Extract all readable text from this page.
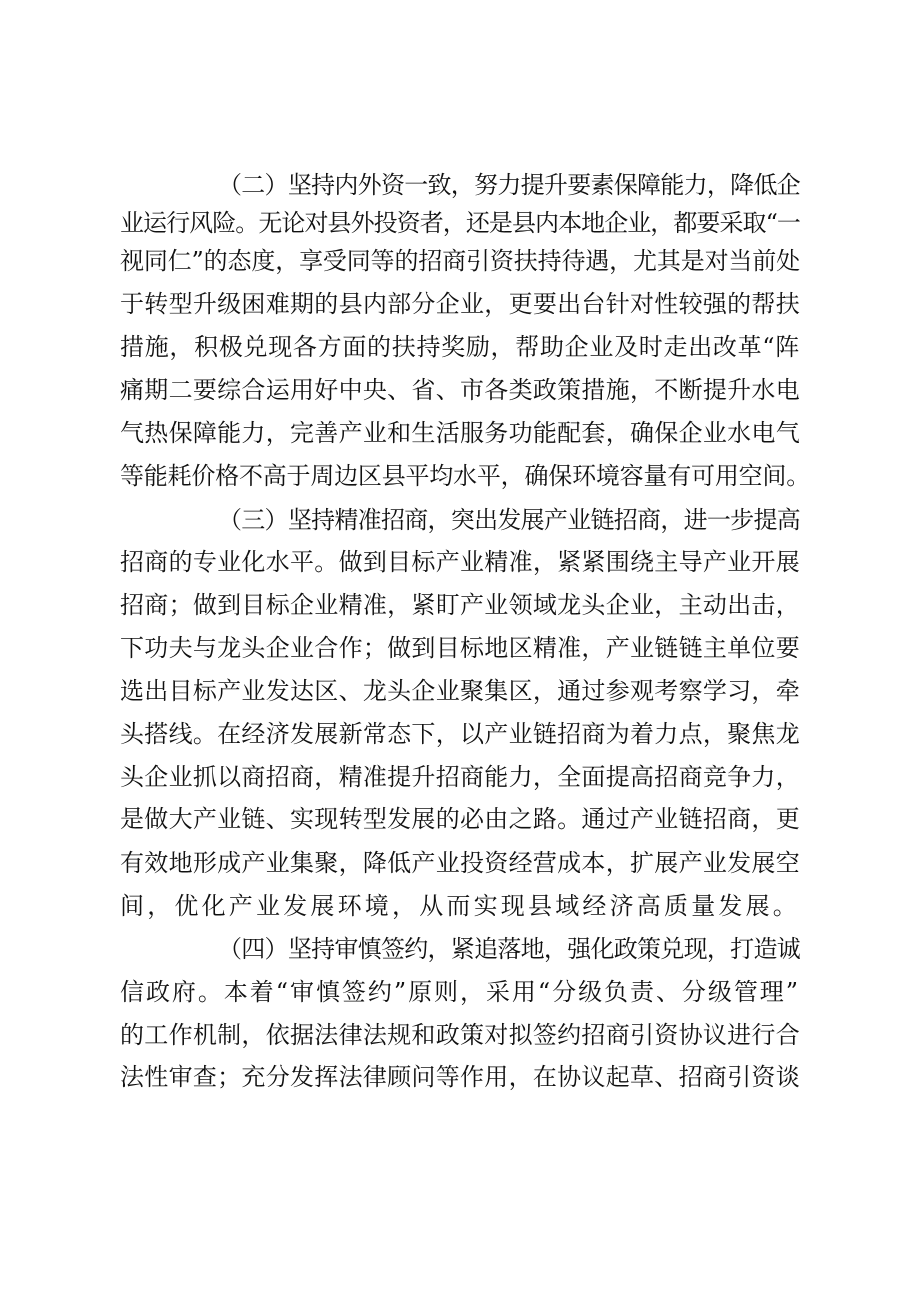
（二）坚持内外资一致，努力提升要素保障能力，降低企

业运行风险。无论对县外投资者，还是县内本地企业，都要采取“一

视同仁”的态度，享受同等的招商引资扶持待遇，尤其是对当前处

于转型升级困难期的县内部分企业，更要出台针对性较强的帮扶

措施，积极兑现各方面的扶持奖励，帮助企业及时走出改革“阵

痛期二要综合运用好中央、省、市各类政策措施，不断提升水电

气热保障能力，完善产业和生活服务功能配套，确保企业水电气

等能耗价格不高于周边区县平均水平，确保环境容量有可用空间。

（三）坚持精准招商，突出发展产业链招商，进一步提高

招商的专业化水平。做到目标产业精准，紧紧围绕主导产业开展

招商；做到目标企业精准，紧盯产业领域龙头企业，主动出击，

下功夫与龙头企业合作；做到目标地区精准，产业链链主单位要

选出目标产业发达区、龙头企业聚集区，通过参观考察学习，牵

头搭线。在经济发展新常态下，以产业链招商为着力点，聚焦龙

头企业抓以商招商，精准提升招商能力，全面提高招商竞争力，

是做大产业链、实现转型发展的必由之路。通过产业链招商，更

有效地形成产业集聚，降低产业投资经营成本，扩展产业发展空

间，优化产业发展环境，从而实现县域经济高质量发展。

（四）坚持审慎签约，紧追落地，强化政策兑现，打造诚

信政府。本着“审慎签约”原则，采用“分级负责、分级管理”

的工作机制，依据法律法规和政策对拟签约招商引资协议进行合

法性审查；充分发挥法律顾问等作用，在协议起草、招商引资谈
